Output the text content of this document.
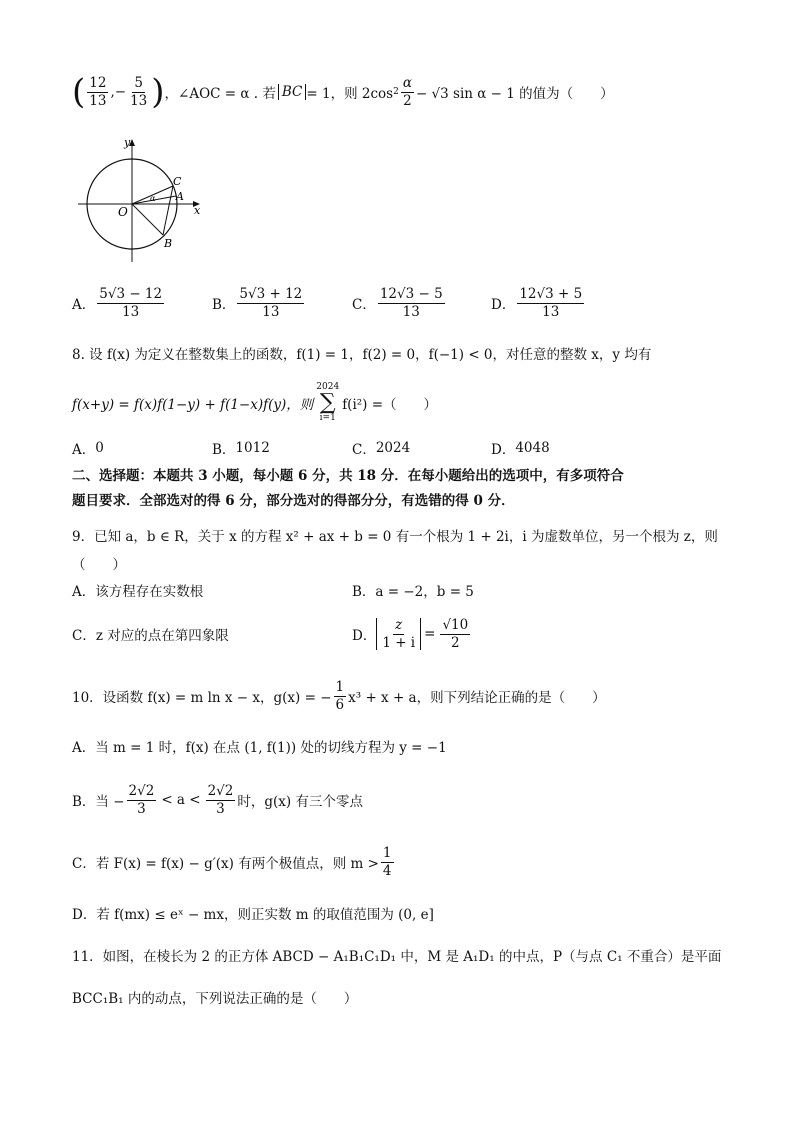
( $\frac{12}{13}$ ,− $\frac{5}{13}$ ) ，∠AOC = α . 若 BC = 1，则 2cos $2 \frac{\alpha}{2} - √3$ sin α − 1 的值为（　　）
y
x
O
C
A
B
α
A． $\frac{5√3 - 12}{13}$	B． $\frac{5√3 + 12}{13}$	C． $\frac{12√3 - 5}{13}$	D． $\frac{12√3 + 5}{13}$
8. 设 f(x) 为定义在整数集上的函数，f(1) = 1，f(2) = 0，f(−1) < 0，对任意的整数 x，y 均有
f(x+y) = f(x)f(1−y) + f(1−x)f(y)，则
2024
∑
i=1
f(i²) =（　　）
A． 0	B． 1012	C． 2024	D． 4048
二、选择题：本题共 3 小题，每小题 6 分，共 18 分．在每小题给出的选项中，有多项符合
题目要求．全部选对的得 6 分，部分选对的得部分分，有选错的得 0 分．
9．已知 a，b ∈ R，关于 x 的方程 x² + ax + b = 0 有一个根为 1 + 2i，i 为虚数单位，另一个根为 z，则
（　　）
A．该方程存在实数根	B．a = −2，b = 5
C．z 对应的点在第四象限	D． $\frac{z}{1 + i} = \frac{√10}{2}$
10．设函数 f(x) = m ln x − x，g(x) = − $\frac{1}{6} x^3 + x + a$，则下列结论正确的是（　　）
A．当 m = 1 时，f(x) 在点 (1, f(1)) 处的切线方程为 y = −1
B．当 − $\frac{2√2}{3} < a < \frac{2√2}{3}$ 时，g(x) 有三个零点
C．若 F(x) = f(x) − g′(x) 有两个极值点，则 $m > \frac{1}{4}$
D．若 f(mx) ≤ eˣ − mx，则正实数 m 的取值范围为 (0, e]
11．如图，在棱长为 2 的正方体 ABCD − A₁B₁C₁D₁ 中，M 是 A₁D₁ 的中点，P（与点 C₁ 不重合）是平面
BCC₁B₁ 内的动点，下列说法正确的是（　　）
